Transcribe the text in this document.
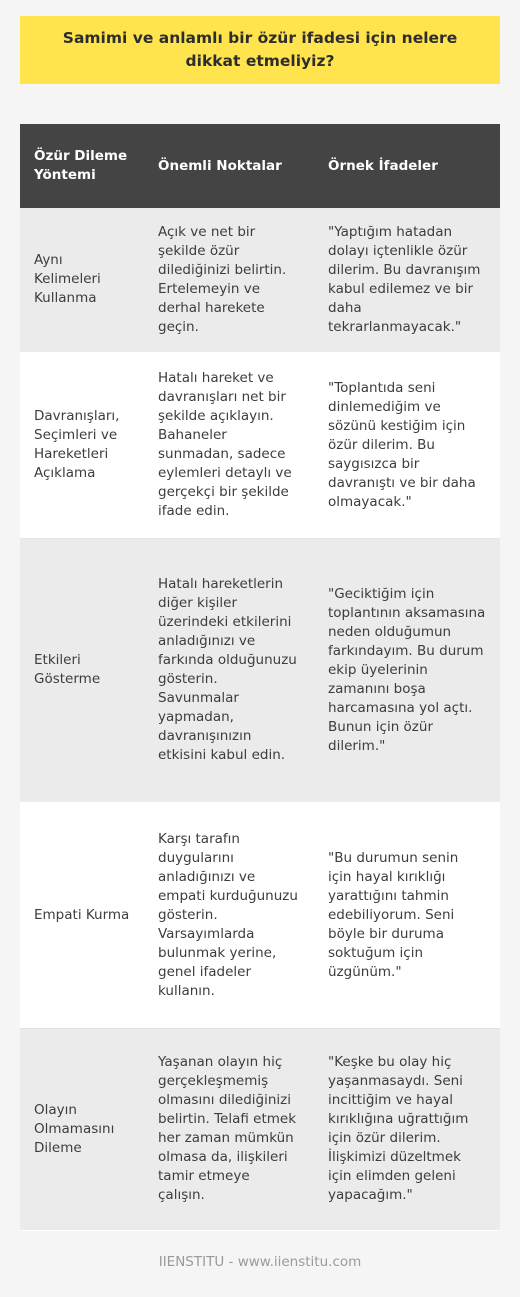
Samimi ve anlamlı bir özür ifadesi için nelere dikkat etmeliyiz?
Özür Dileme Yöntemi	Önemli Noktalar	Örnek İfadeler
Aynı Kelimeleri Kullanma	Açık ve net bir şekilde özür dilediğinizi belirtin. Ertelemeyin ve derhal harekete geçin.	"Yaptığım hatadan dolayı içtenlikle özür dilerim. Bu davranışım kabul edilemez ve bir daha tekrarlanmayacak."
Davranışları, Seçimleri ve Hareketleri Açıklama	Hatalı hareket ve davranışları net bir şekilde açıklayın. Bahaneler sunmadan, sadece eylemleri detaylı ve gerçekçi bir şekilde ifade edin.	"Toplantıda seni dinlemediğim ve sözünü kestiğim için özür dilerim. Bu saygısızca bir davranıştı ve bir daha olmayacak."
Etkileri Gösterme	Hatalı hareketlerin diğer kişiler üzerindeki etkilerini anladığınızı ve farkında olduğunuzu gösterin. Savunmalar yapmadan, davranışınızın etkisini kabul edin.	"Geciktiğim için toplantının aksamasına neden olduğumun farkındayım. Bu durum ekip üyelerinin zamanını boşa harcamasına yol açtı. Bunun için özür dilerim."
Empati Kurma	Karşı tarafın duygularını anladığınızı ve empati kurduğunuzu gösterin. Varsayımlarda bulunmak yerine, genel ifadeler kullanın.	"Bu durumun senin için hayal kırıklığı yarattığını tahmin edebiliyorum. Seni böyle bir duruma soktuğum için üzgünüm."
Olayın Olmamasını Dileme	Yaşanan olayın hiç gerçekleşmemiş olmasını dilediğinizi belirtin. Telafi etmek her zaman mümkün olmasa da, ilişkileri tamir etmeye çalışın.	"Keşke bu olay hiç yaşanmasaydı. Seni incittiğim ve hayal kırıklığına uğrattığım için özür dilerim. İlişkimizi düzeltmek için elimden geleni yapacağım."
IIENSTITU - www.iienstitu.com
